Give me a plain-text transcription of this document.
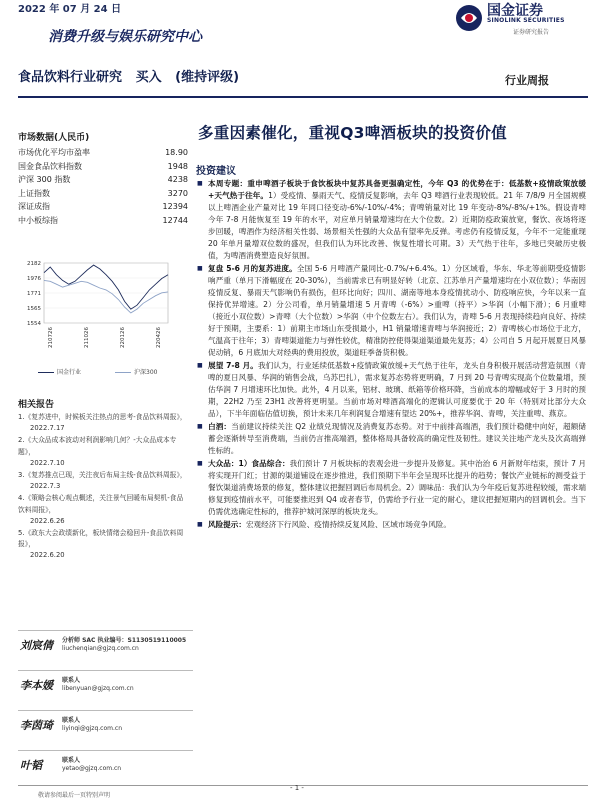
2022 年 07 月 24 日	国金证券
SINOLINK SECURITIES
证券研究报告
消费升级与娱乐研究中心
食品饮料行业研究   买入   (维持评级)	行业周报
多重因素催化，重视Q3啤酒板块的投资价值
市场数据(人民币)
市场优化平均市盈率	18.90
国金食品饮料指数	1948
沪深 300 指数	4238
上证指数	3270
深证成指	12394
中小板综指	12744
2182
1976
1771
1565
1554
210726	211026	220126	220426
国金行业	沪深300
相关报告
1.《复苏进中，时候板关注热点的思考-食品饮料周报》，
2022.7.17
2.《大众品成本波动对利润影响几何？-大众品成本专题》，
2022.7.10
3.《复苏推点已现，关注夜后布局主线-食品饮料周报》，
2022.7.3
4.《策略会核心观点概述，关注景气回暖布局契机-食品饮料周报》，
2022.6.26
5.《政东大会政绩新化，板块情绪会稳回升-食品饮料周报》，
2022.6.20
刘宸倩 分析师 SAC 执业编号：S1130519110005
liuchenqian@gjzq.com.cn
李本媛 联系人
libenyuan@gjzq.com.cn
李茵琦 联系人
liyinqi@gjzq.com.cn
叶韬	联系人
yetao@gjzq.com.cn
投资建议
■ 本周专题：重申啤酒子板块于食饮板块中复苏具备更强确定性，今年 Q3 的优势在于：低基数+疫情政策放缓+天气热于往年。1）受疫情、暴雨天气、疫情反复影响，去年 Q3 啤酒行业表现较低。21 年 7/8/9 月全国规模以上啤酒企业产量对比 19 年同口径变动-6%/-10%/-4%；青啤销量对比 19 年变动-8%/-8%/+1%。假设青啤今年 7-8 月能恢复至 19 年的水平，对应单月销量增速均在大个位数。2）近期防疫政策放宽，餐饮、夜场将逐步回暖，啤酒作为经济相关性弱、场景相关性强的大众品有望率先反弹。考虑仍有疫情反复，今年不一定能重现 20 年单月量增双位数的盛况，但我们认为环比改善、恢复性增长可期。3）天气热于往年，多地已突破历史极值，为啤酒消费塑造良好氛围。
■ 复盘 5-6 月的复苏进度。全国 5-6 月啤酒产量同比-0.7%/+6.4%。1）分区域看，华东、华北等前期受疫情影响严重（单月下滑幅度在 20-30%），当前需求已有明显好转（北京、江苏单月产量增速均在小双位数）；华南因疫情反复、暴雨天气影响仍有损伤，但环比向好；四川、湖南等地本身疫情扰动小、防疫响应快，今年以来一直保持优异增速。2）分公司看，单月销量增速 5 月青啤（-6%）>重啤（持平）>华润（小幅下滑）；6 月重啤（接近小双位数）>青啤（大个位数）>华润（中个位数左右）。我们认为，青啤 5-6 月表现持续趋向良好、持续好于预期，主要系：1）前期主市场山东受损最小，H1 销量增速青啤与华润接近；2）青啤核心市场位于北方，气温高于往年；3）青啤渠道能力与弹性较优，精准防控使得渠道渠道最先复苏；4）公司自 5 月起开展夏日风暴促动销，6 月底加大对经典的费用投放，渠道旺季备货积极。
■ 展望 7-8 月。我们认为，行业延续低基数+疫情政策放缓+天气热于往年，龙头自身积极开展活动营造氛围（青啤的夏日风暴、华润的销售会战，乌苏巴扎），需求复苏态势将更明确，7 月到 20 号青啤实现高个位数量增，预估华润 7 月增速环比加快。此外，4 月以来，铝材、玻璃、纸箱等价格环降，当前成本的增幅或好于 3 月时的预期，22H2 乃至 23H1 改善将更明显。当前市场对啤酒高端化的逻辑认可度要优于 20 年（特别对比部分大众品），下半年面临估值切换，预计未来几年利润复合增速有望达 20%+，推荐华润、青啤，关注重啤、燕京。
■ 白酒：当前建议持续关注 Q2 业绩兑现情况及消费复苏态势。对于中前排高端酒，我们预计稳健中向好，超额储蓄会逐渐转导至消费端，当前仍言推高端酒，整体格局具备较高的确定性及韧性。建议关注地产龙头及次高端弹性标的。
■ 大众品：1）食品综合：我们预计 7 月板块标的表观会进一步提升及修复。其中治治 6 月新财年结束，预计 7 月将实现开门红；甘源的渠道铺设在逐步推进，我们预期下半年会呈现环比提升的趋势；餐饮产业链标的测受益于餐饮渠道消费场景的修复，整体建议把握回调后布局机会。2）调味品：我们认为今年疫后复苏进程较缓，需求端修复到疫情前水平，可能要推迟到 Q4 或者春节，仍需给予行业一定的耐心，建议把握短期内的回调机会。当下仍需优选确定性标的，推荐护城河深厚的板块龙头。
■ 风险提示：宏观经济下行风险、疫情持续反复风险、区域市场竞争风险。
敬请参阅最后一页特别声明
- 1 -
